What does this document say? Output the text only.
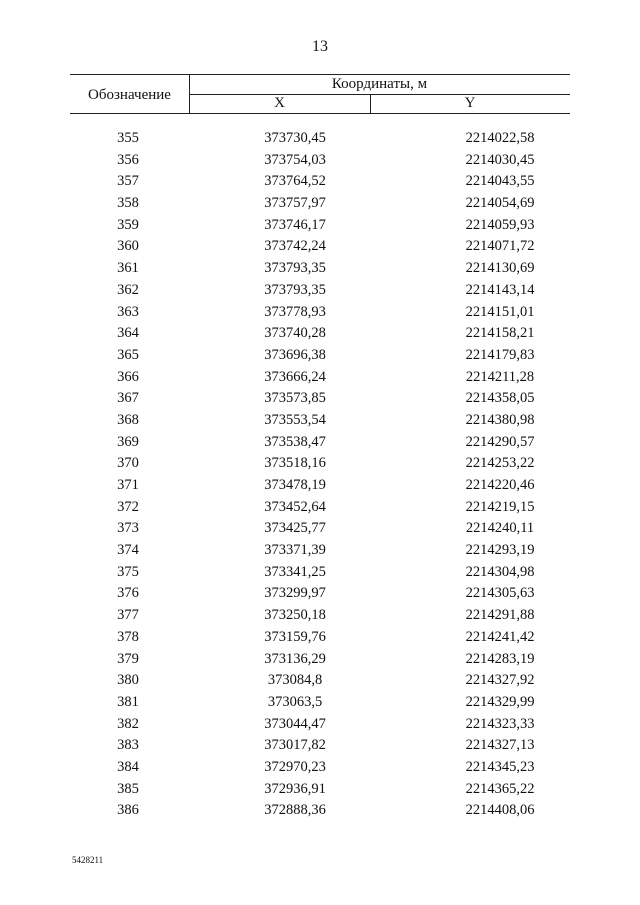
13
Обозначение
Координаты, м
X	Y
355	373730,45	2214022,58
356	373754,03	2214030,45
357	373764,52	2214043,55
358	373757,97	2214054,69
359	373746,17	2214059,93
360	373742,24	2214071,72
361	373793,35	2214130,69
362	373793,35	2214143,14
363	373778,93	2214151,01
364	373740,28	2214158,21
365	373696,38	2214179,83
366	373666,24	2214211,28
367	373573,85	2214358,05
368	373553,54	2214380,98
369	373538,47	2214290,57
370	373518,16	2214253,22
371	373478,19	2214220,46
372	373452,64	2214219,15
373	373425,77	2214240,11
374	373371,39	2214293,19
375	373341,25	2214304,98
376	373299,97	2214305,63
377	373250,18	2214291,88
378	373159,76	2214241,42
379	373136,29	2214283,19
380	373084,8	2214327,92
381	373063,5	2214329,99
382	373044,47	2214323,33
383	373017,82	2214327,13
384	372970,23	2214345,23
385	372936,91	2214365,22
386	372888,36	2214408,06
5428211
